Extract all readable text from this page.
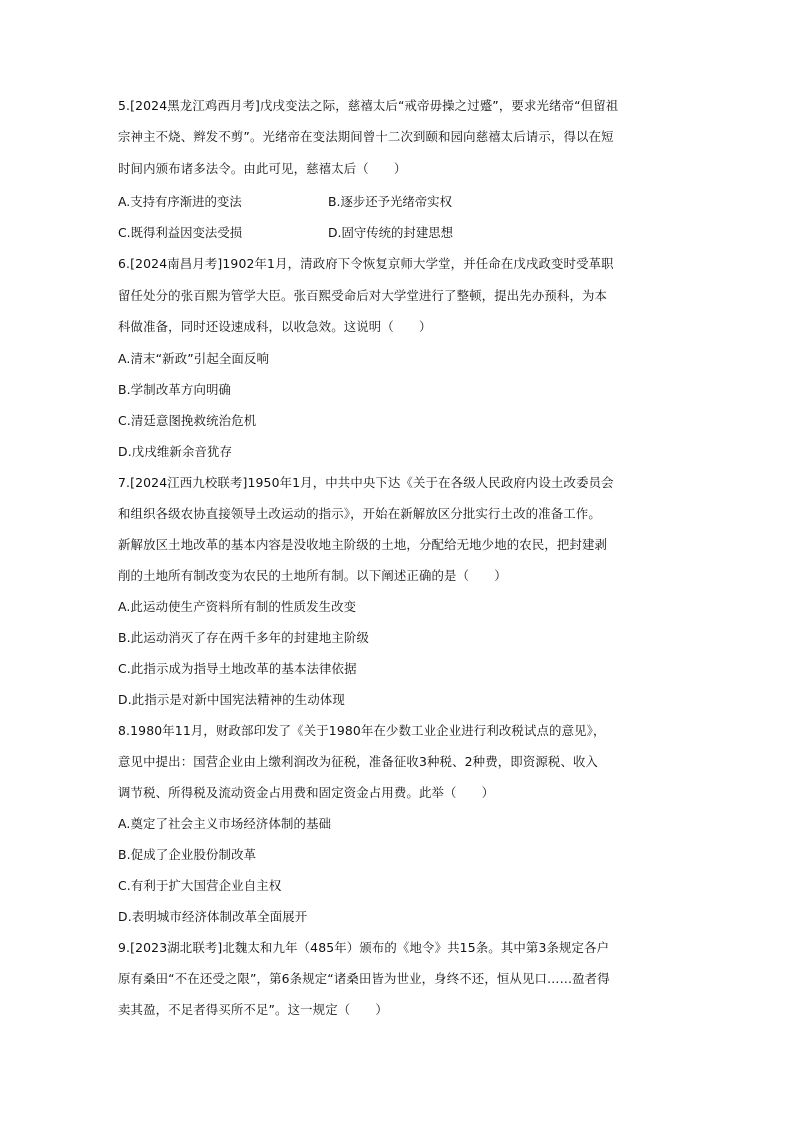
5.[2024黑龙江鸡西月考]戊戌变法之际，慈禧太后“戒帝毋操之过蹙”，要求光绪帝“但留祖
宗神主不烧、辫发不剪”。光绪帝在变法期间曾十二次到颐和园向慈禧太后请示，得以在短
时间内颁布诸多法令。由此可见，慈禧太后（　　）
A.支持有序渐进的变法	B.逐步还予光绪帝实权
C.既得利益因变法受损	D.固守传统的封建思想
6.[2024南昌月考]1902年1月，清政府下令恢复京师大学堂，并任命在戊戌政变时受革职
留任处分的张百熙为管学大臣。张百熙受命后对大学堂进行了整顿，提出先办预科，为本
科做准备，同时还设速成科，以收急效。这说明（　　）
A.清末“新政”引起全面反响
B.学制改革方向明确
C.清廷意图挽救统治危机
D.戊戌维新余音犹存
7.[2024江西九校联考]1950年1月，中共中央下达《关于在各级人民政府内设土改委员会
和组织各级农协直接领导土改运动的指示》，开始在新解放区分批实行土改的准备工作。
新解放区土地改革的基本内容是没收地主阶级的土地，分配给无地少地的农民，把封建剥
削的土地所有制改变为农民的土地所有制。以下阐述正确的是（　　）
A.此运动使生产资料所有制的性质发生改变
B.此运动消灭了存在两千多年的封建地主阶级
C.此指示成为指导土地改革的基本法律依据
D.此指示是对新中国宪法精神的生动体现
8.1980年11月，财政部印发了《关于1980年在少数工业企业进行利改税试点的意见》，
意见中提出：国营企业由上缴利润改为征税，准备征收3种税、2种费，即资源税、收入
调节税、所得税及流动资金占用费和固定资金占用费。此举（　　）
A.奠定了社会主义市场经济体制的基础
B.促成了企业股份制改革
C.有利于扩大国营企业自主权
D.表明城市经济体制改革全面展开
9.[2023湖北联考]北魏太和九年（485年）颁布的《地令》共15条。其中第3条规定各户
原有桑田“不在还受之限”，第6条规定“诸桑田皆为世业，身终不还，恒从见口……盈者得
卖其盈，不足者得买所不足”。这一规定（　　）
